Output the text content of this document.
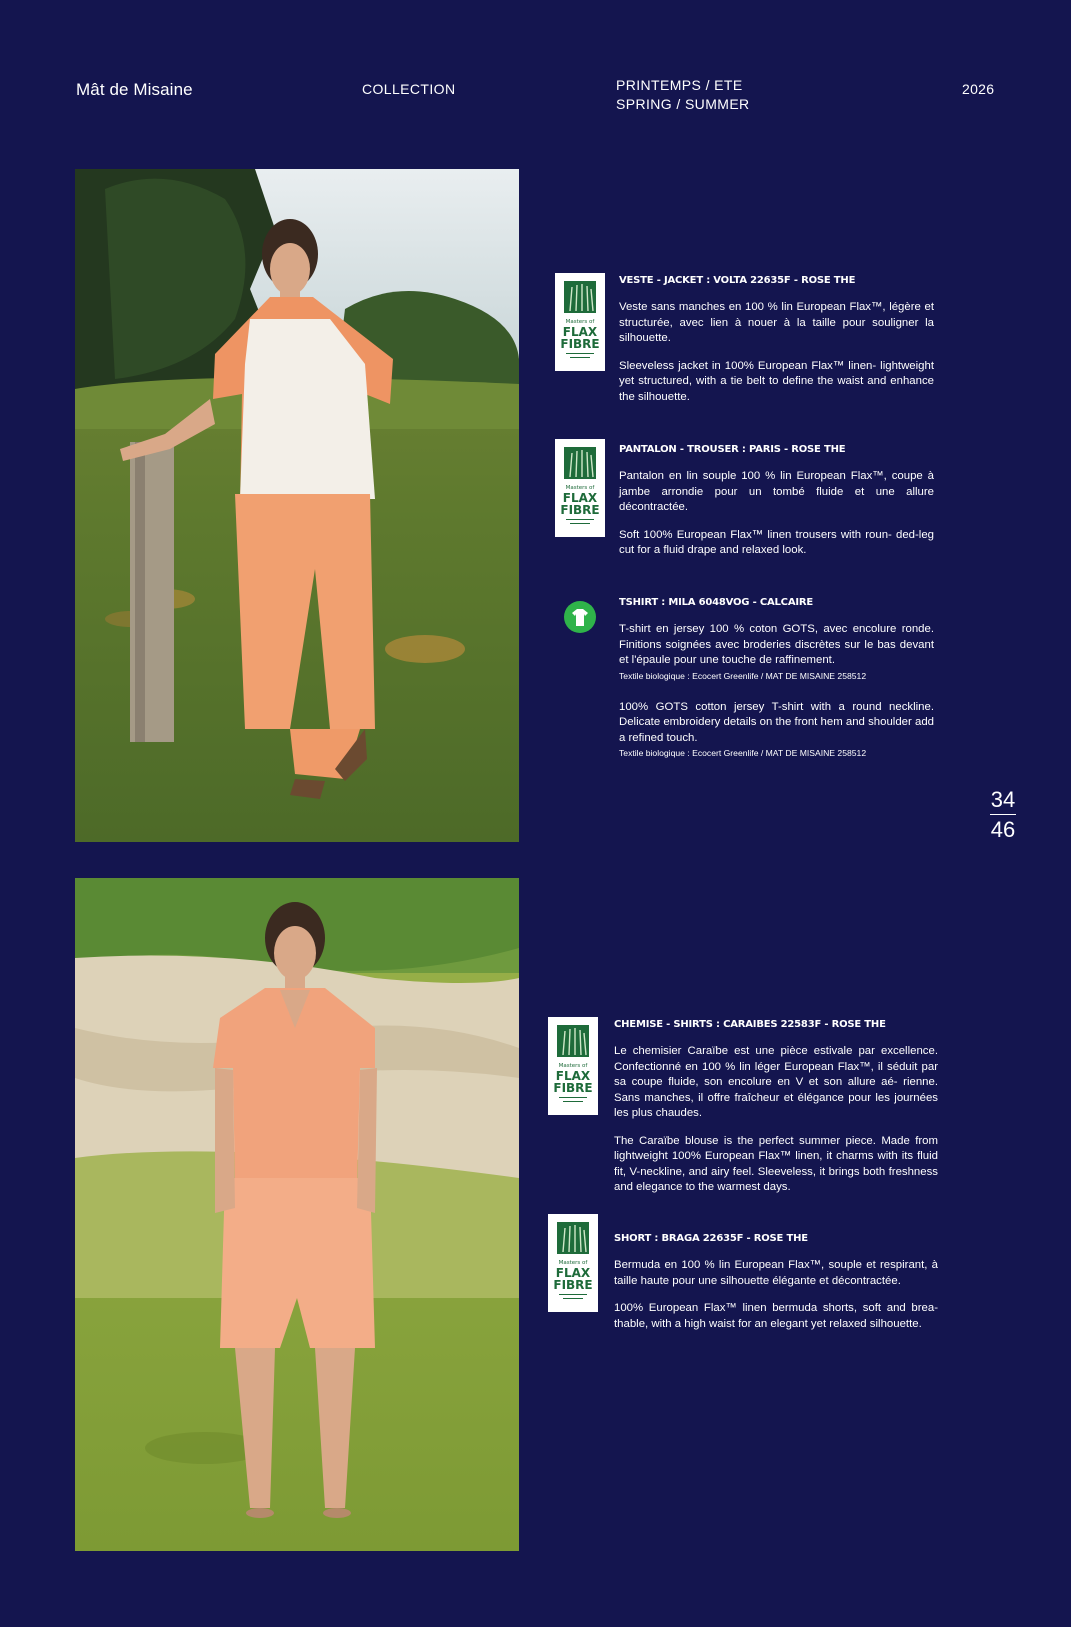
Mât de Misaine	COLLECTION	PRINTEMPS / ETE
SPRING / SUMMER
2026
Masters of
FLAX
FIBRE
Masters of
FLAX
FIBRE
Masters of
FLAX
FIBRE
Masters of
FLAX
FIBRE
VESTE - JACKET : VOLTA 22635F - ROSE THE

Veste sans manches en 100 % lin European Flax™, légère et structurée, avec lien à nouer à la taille pour souligner la silhouette.

Sleeveless jacket in 100% European Flax™ linen- lightweight yet structured, with a tie belt to define the waist and enhance the silhouette.

PANTALON - TROUSER : PARIS - ROSE THE

Pantalon en lin souple 100 % lin European Flax™, coupe à jambe arrondie pour un tombé fluide et une allure décontractée.

Soft 100% European Flax™ linen trousers with roun- ded-leg cut for a fluid drape and relaxed look.

TSHIRT : MILA 6048VOG - CALCAIRE

T-shirt en jersey 100 % coton GOTS, avec encolure ronde. Finitions soignées avec broderies discrètes sur le bas devant et l'épaule pour une touche de raffinement.

Textile biologique : Ecocert Greenlife / MAT DE MISAINE 258512

100% GOTS cotton jersey T-shirt with a round neckline. Delicate embroidery details on the front hem and shoulder add a refined touch.

Textile biologique : Ecocert Greenlife / MAT DE MISAINE 258512
CHEMISE - SHIRTS : CARAIBES 22583F - ROSE THE

Le chemisier Caraïbe est une pièce estivale par excellence. Confectionné en 100 % lin léger European Flax™, il séduit par sa coupe fluide, son encolure en V et son allure aé- rienne. Sans manches, il offre fraîcheur et élégance pour les journées les plus chaudes.

The Caraïbe blouse is the perfect summer piece. Made from lightweight 100% European Flax™ linen, it charms with its fluid fit, V-neckline, and airy feel. Sleeveless, it brings both freshness and elegance to the warmest days.

SHORT : BRAGA 22635F - ROSE THE

Bermuda en 100 % lin European Flax™, souple et respirant, à taille haute pour une silhouette élégante et décontractée.

100% European Flax™ linen bermuda shorts, soft and brea- thable, with a high waist for an elegant yet relaxed silhouette.

34
46
